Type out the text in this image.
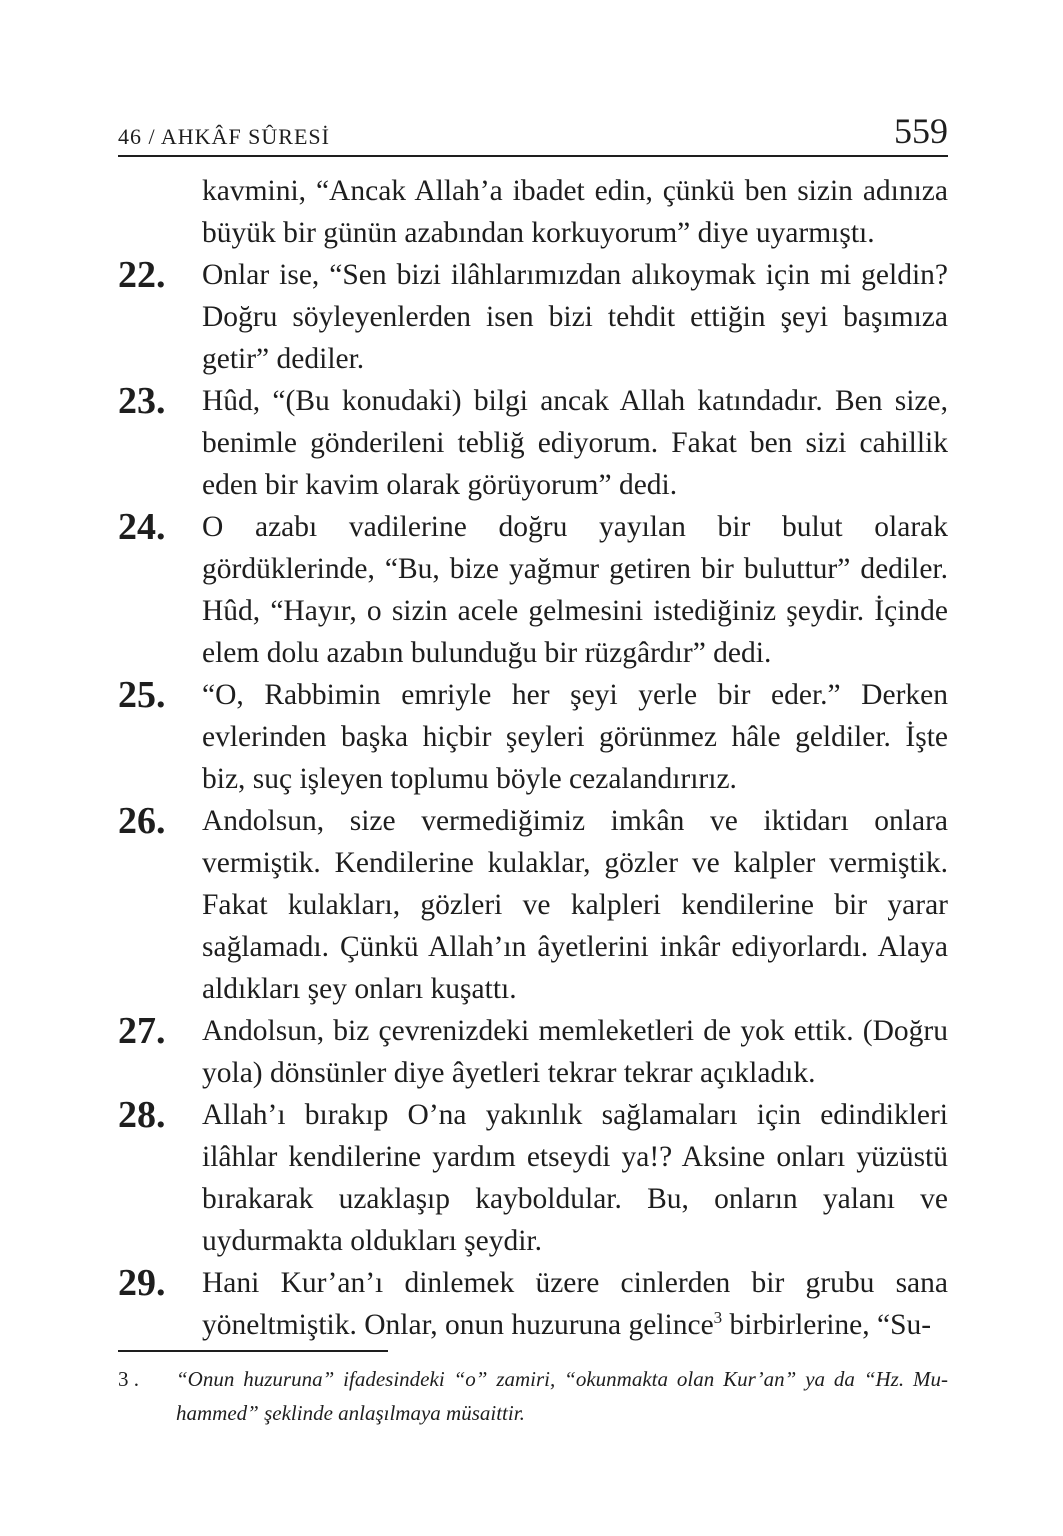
46 / AHKÂF SÛRESİ	559
kavmini, “Ancak Allah’a ibadet edin, çünkü ben sizin adınıza büyük bir günün azabından korkuyorum” diye uyarmıştı.
22. Onlar ise, “Sen bizi ilâhlarımızdan alıkoymak için mi geldin? Doğru söyleyenlerden isen bizi tehdit ettiğin şeyi başımıza getir” dediler.
23. Hûd, “(Bu konudaki) bilgi ancak Allah katındadır. Ben size, benimle gönderileni tebliğ ediyorum. Fakat ben sizi cahillik eden bir kavim olarak görüyorum” dedi.
24. O azabı vadilerine doğru yayılan bir bulut olarak gördüklerinde, “Bu, bize yağmur getiren bir buluttur” dediler. Hûd, “Hayır, o sizin acele gelmesini istediğiniz şeydir. İçinde elem dolu azabın bulunduğu bir rüzgârdır” dedi.
25. “O, Rabbimin emriyle her şeyi yerle bir eder.” Derken evlerinden başka hiçbir şeyleri görünmez hâle geldiler. İşte biz, suç işleyen toplumu böyle cezalandırırız.
26. Andolsun, size vermediğimiz imkân ve iktidarı onlara vermiştik. Kendilerine kulaklar, gözler ve kalpler vermiştik. Fakat kulakları, gözleri ve kalpleri kendilerine bir yarar sağlamadı. Çünkü Allah’ın âyetlerini inkâr ediyorlardı. Alaya aldıkları şey onları kuşattı.
27. Andolsun, biz çevrenizdeki memleketleri de yok ettik. (Doğru yola) dönsünler diye âyetleri tekrar tekrar açıkladık.
28. Allah’ı bırakıp O’na yakınlık sağlamaları için edindikleri ilâhlar kendilerine yardım etseydi ya!? Aksine onları yüzüstü bırakarak uzaklaşıp kayboldular. Bu, onların yalanı ve uydurmakta oldukları şeydir.
29. Hani Kur’an’ı dinlemek üzere cinlerden bir grubu sana yöneltmiştik. Onlar, onun huzuruna gelince$^3$ birbirlerine, “Su-
3 . “Onun huzuruna” ifadesindeki “o” zamiri, “okunmakta olan Kur’an” ya da “Hz. Muhammed” şeklinde anlaşılmaya müsaittir.
